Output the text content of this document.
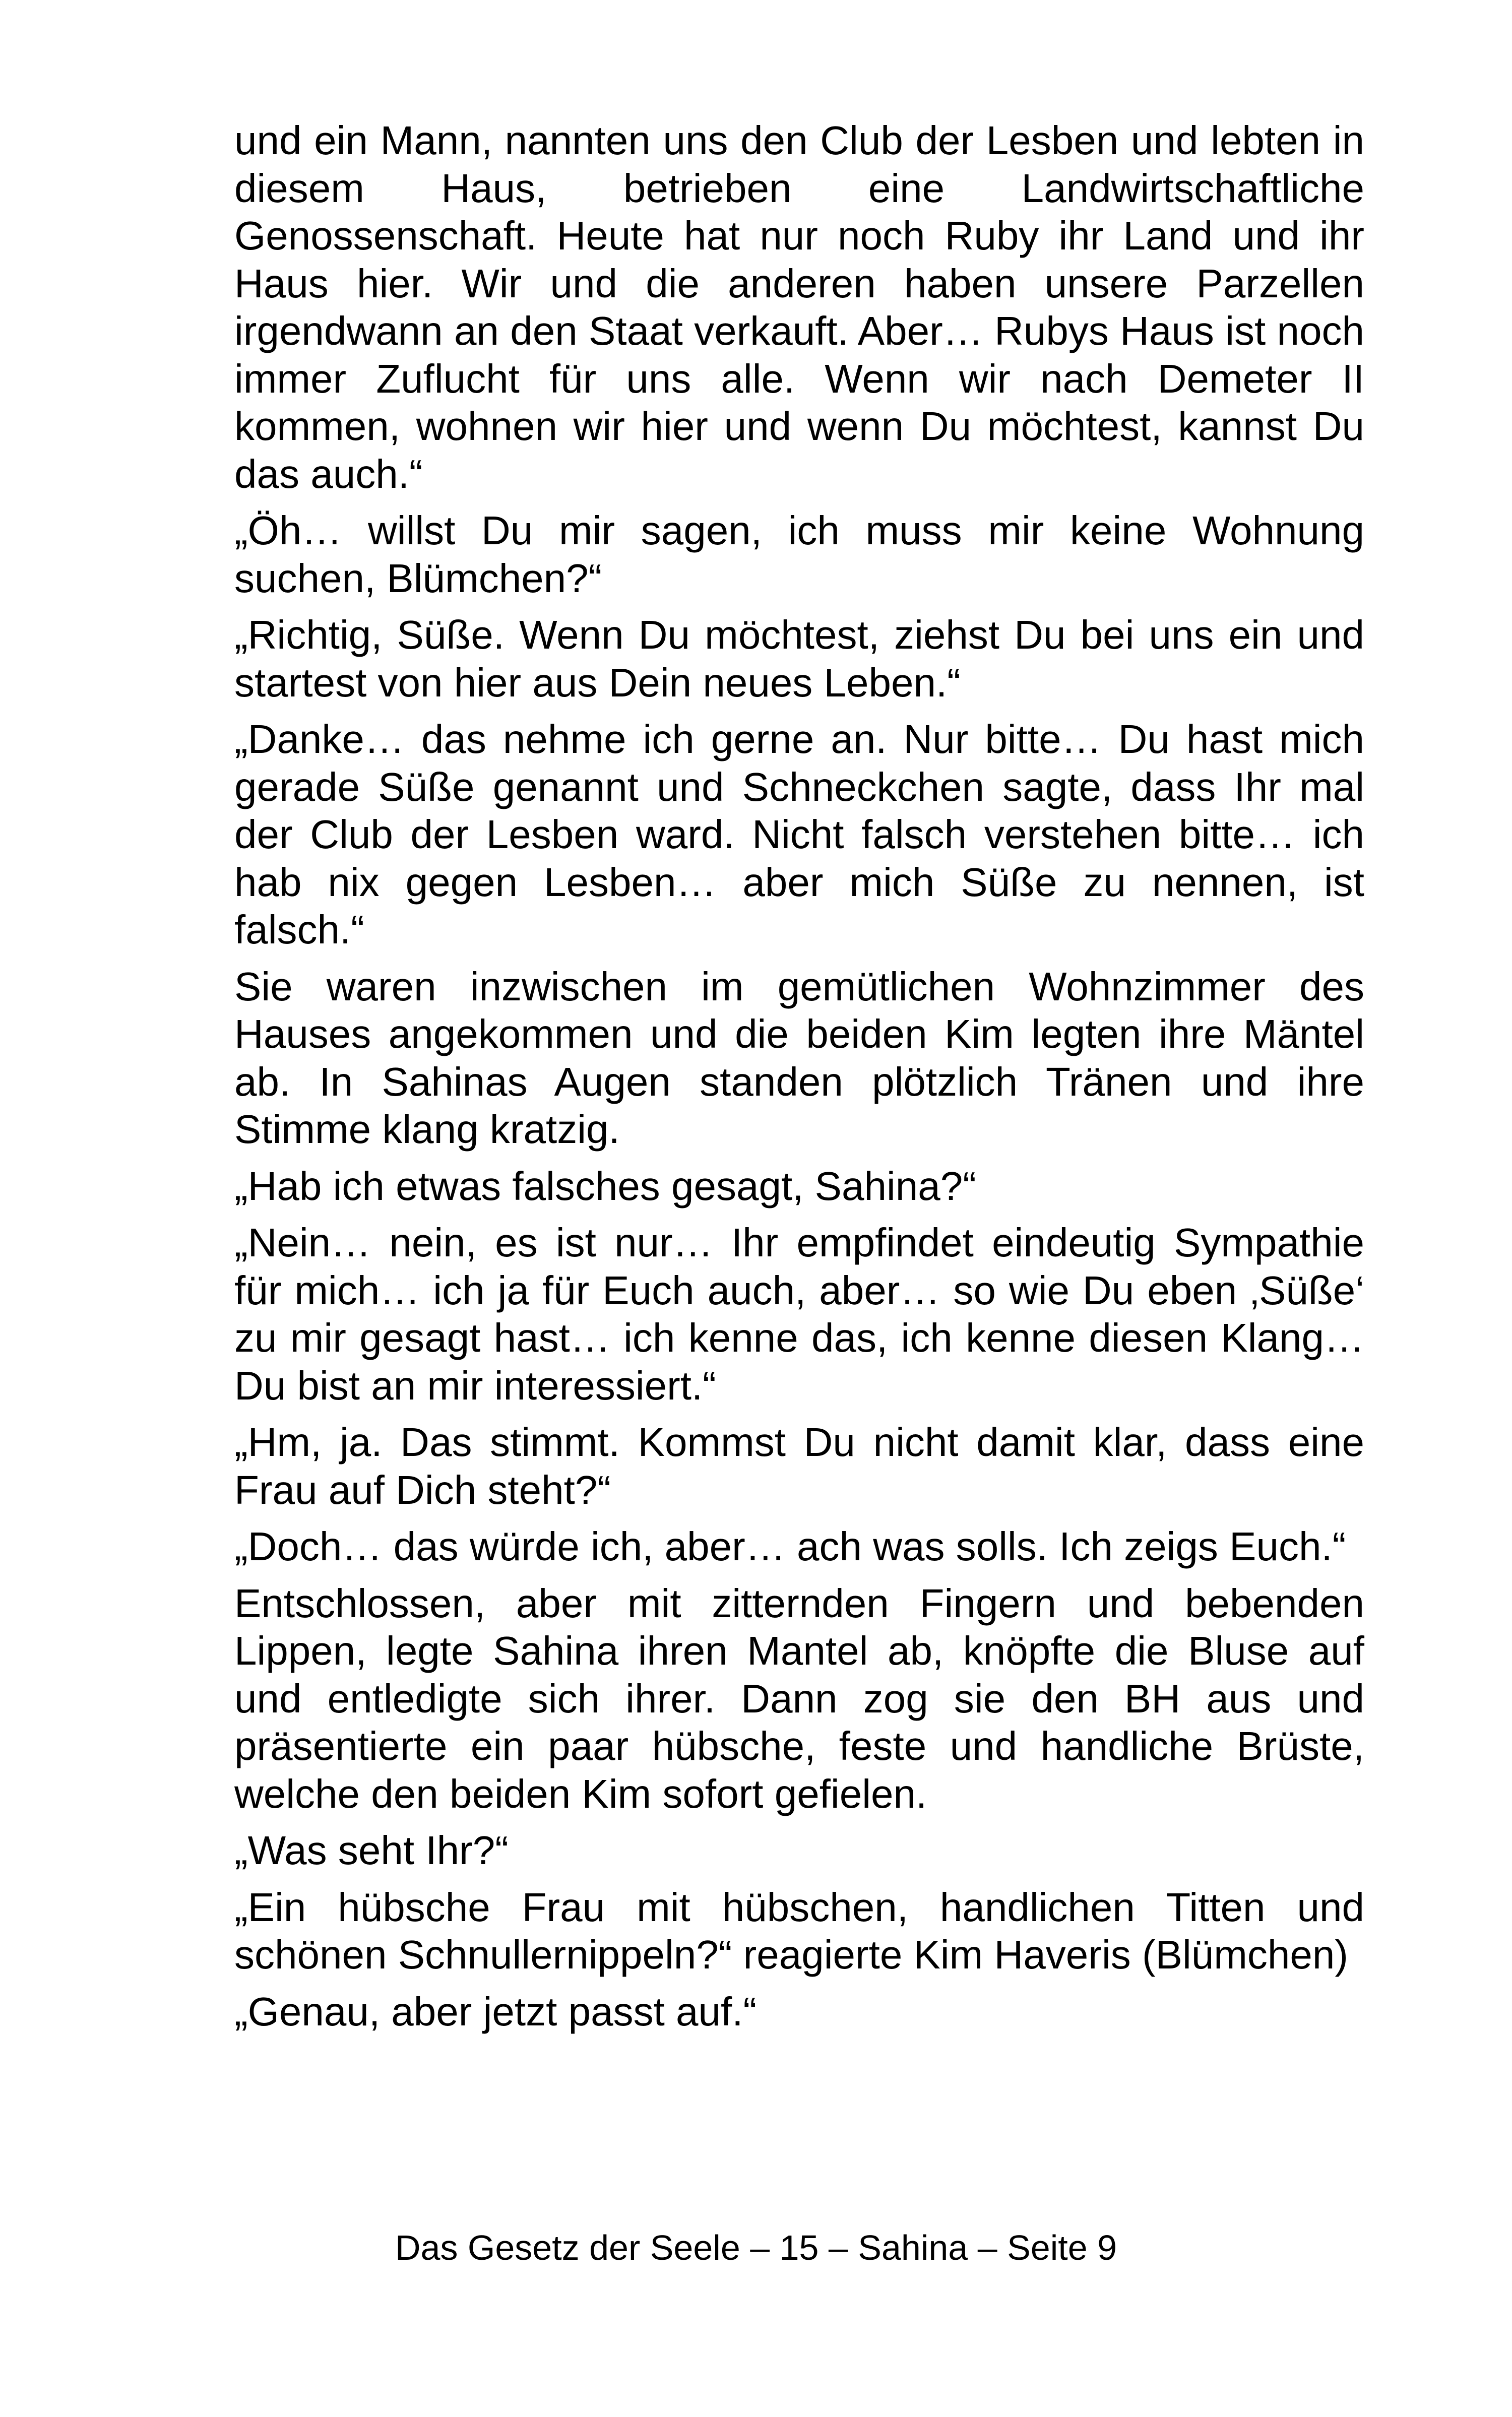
und ein Mann, nannten uns den Club der Lesben und lebten in diesem Haus, betrieben eine Landwirtschaftliche Genossenschaft. Heute hat nur noch Ruby ihr Land und ihr Haus hier. Wir und die anderen haben unsere Parzellen irgendwann an den Staat verkauft. Aber… Rubys Haus ist noch immer Zuflucht für uns alle. Wenn wir nach Demeter II kommen, wohnen wir hier und wenn Du möchtest, kannst Du das auch.“

„Öh… willst Du mir sagen, ich muss mir keine Wohnung suchen, Blümchen?“

„Richtig, Süße. Wenn Du möchtest, ziehst Du bei uns ein und startest von hier aus Dein neues Leben.“

„Danke… das nehme ich gerne an. Nur bitte… Du hast mich gerade Süße genannt und Schneckchen sagte, dass Ihr mal der Club der Lesben ward. Nicht falsch verstehen bitte… ich hab nix gegen Lesben… aber mich Süße zu nennen, ist falsch.“

Sie waren inzwischen im gemütlichen Wohnzimmer des Hauses angekommen und die beiden Kim legten ihre Mäntel ab. In Sahinas Augen standen plötzlich Tränen und ihre Stimme klang kratzig.

„Hab ich etwas falsches gesagt, Sahina?“

„Nein… nein, es ist nur… Ihr empfindet eindeutig Sympathie für mich… ich ja für Euch auch, aber… so wie Du eben ‚Süße‘ zu mir gesagt hast… ich kenne das, ich kenne diesen Klang… Du bist an mir interessiert.“

„Hm, ja. Das stimmt. Kommst Du nicht damit klar, dass eine Frau auf Dich steht?“

„Doch… das würde ich, aber… ach was solls. Ich zeigs Euch.“

Entschlossen, aber mit zitternden Fingern und bebenden Lippen, legte Sahina ihren Mantel ab, knöpfte die Bluse auf und entledigte sich ihrer. Dann zog sie den BH aus und präsentierte ein paar hübsche, feste und handliche Brüste, welche den beiden Kim sofort gefielen.

„Was seht Ihr?“

„Ein hübsche Frau mit hübschen, handlichen Titten und schönen Schnullernippeln?“ reagierte Kim Haveris (Blümchen)

„Genau, aber jetzt passt auf.“

Das Gesetz der Seele – 15 – Sahina – Seite 9
